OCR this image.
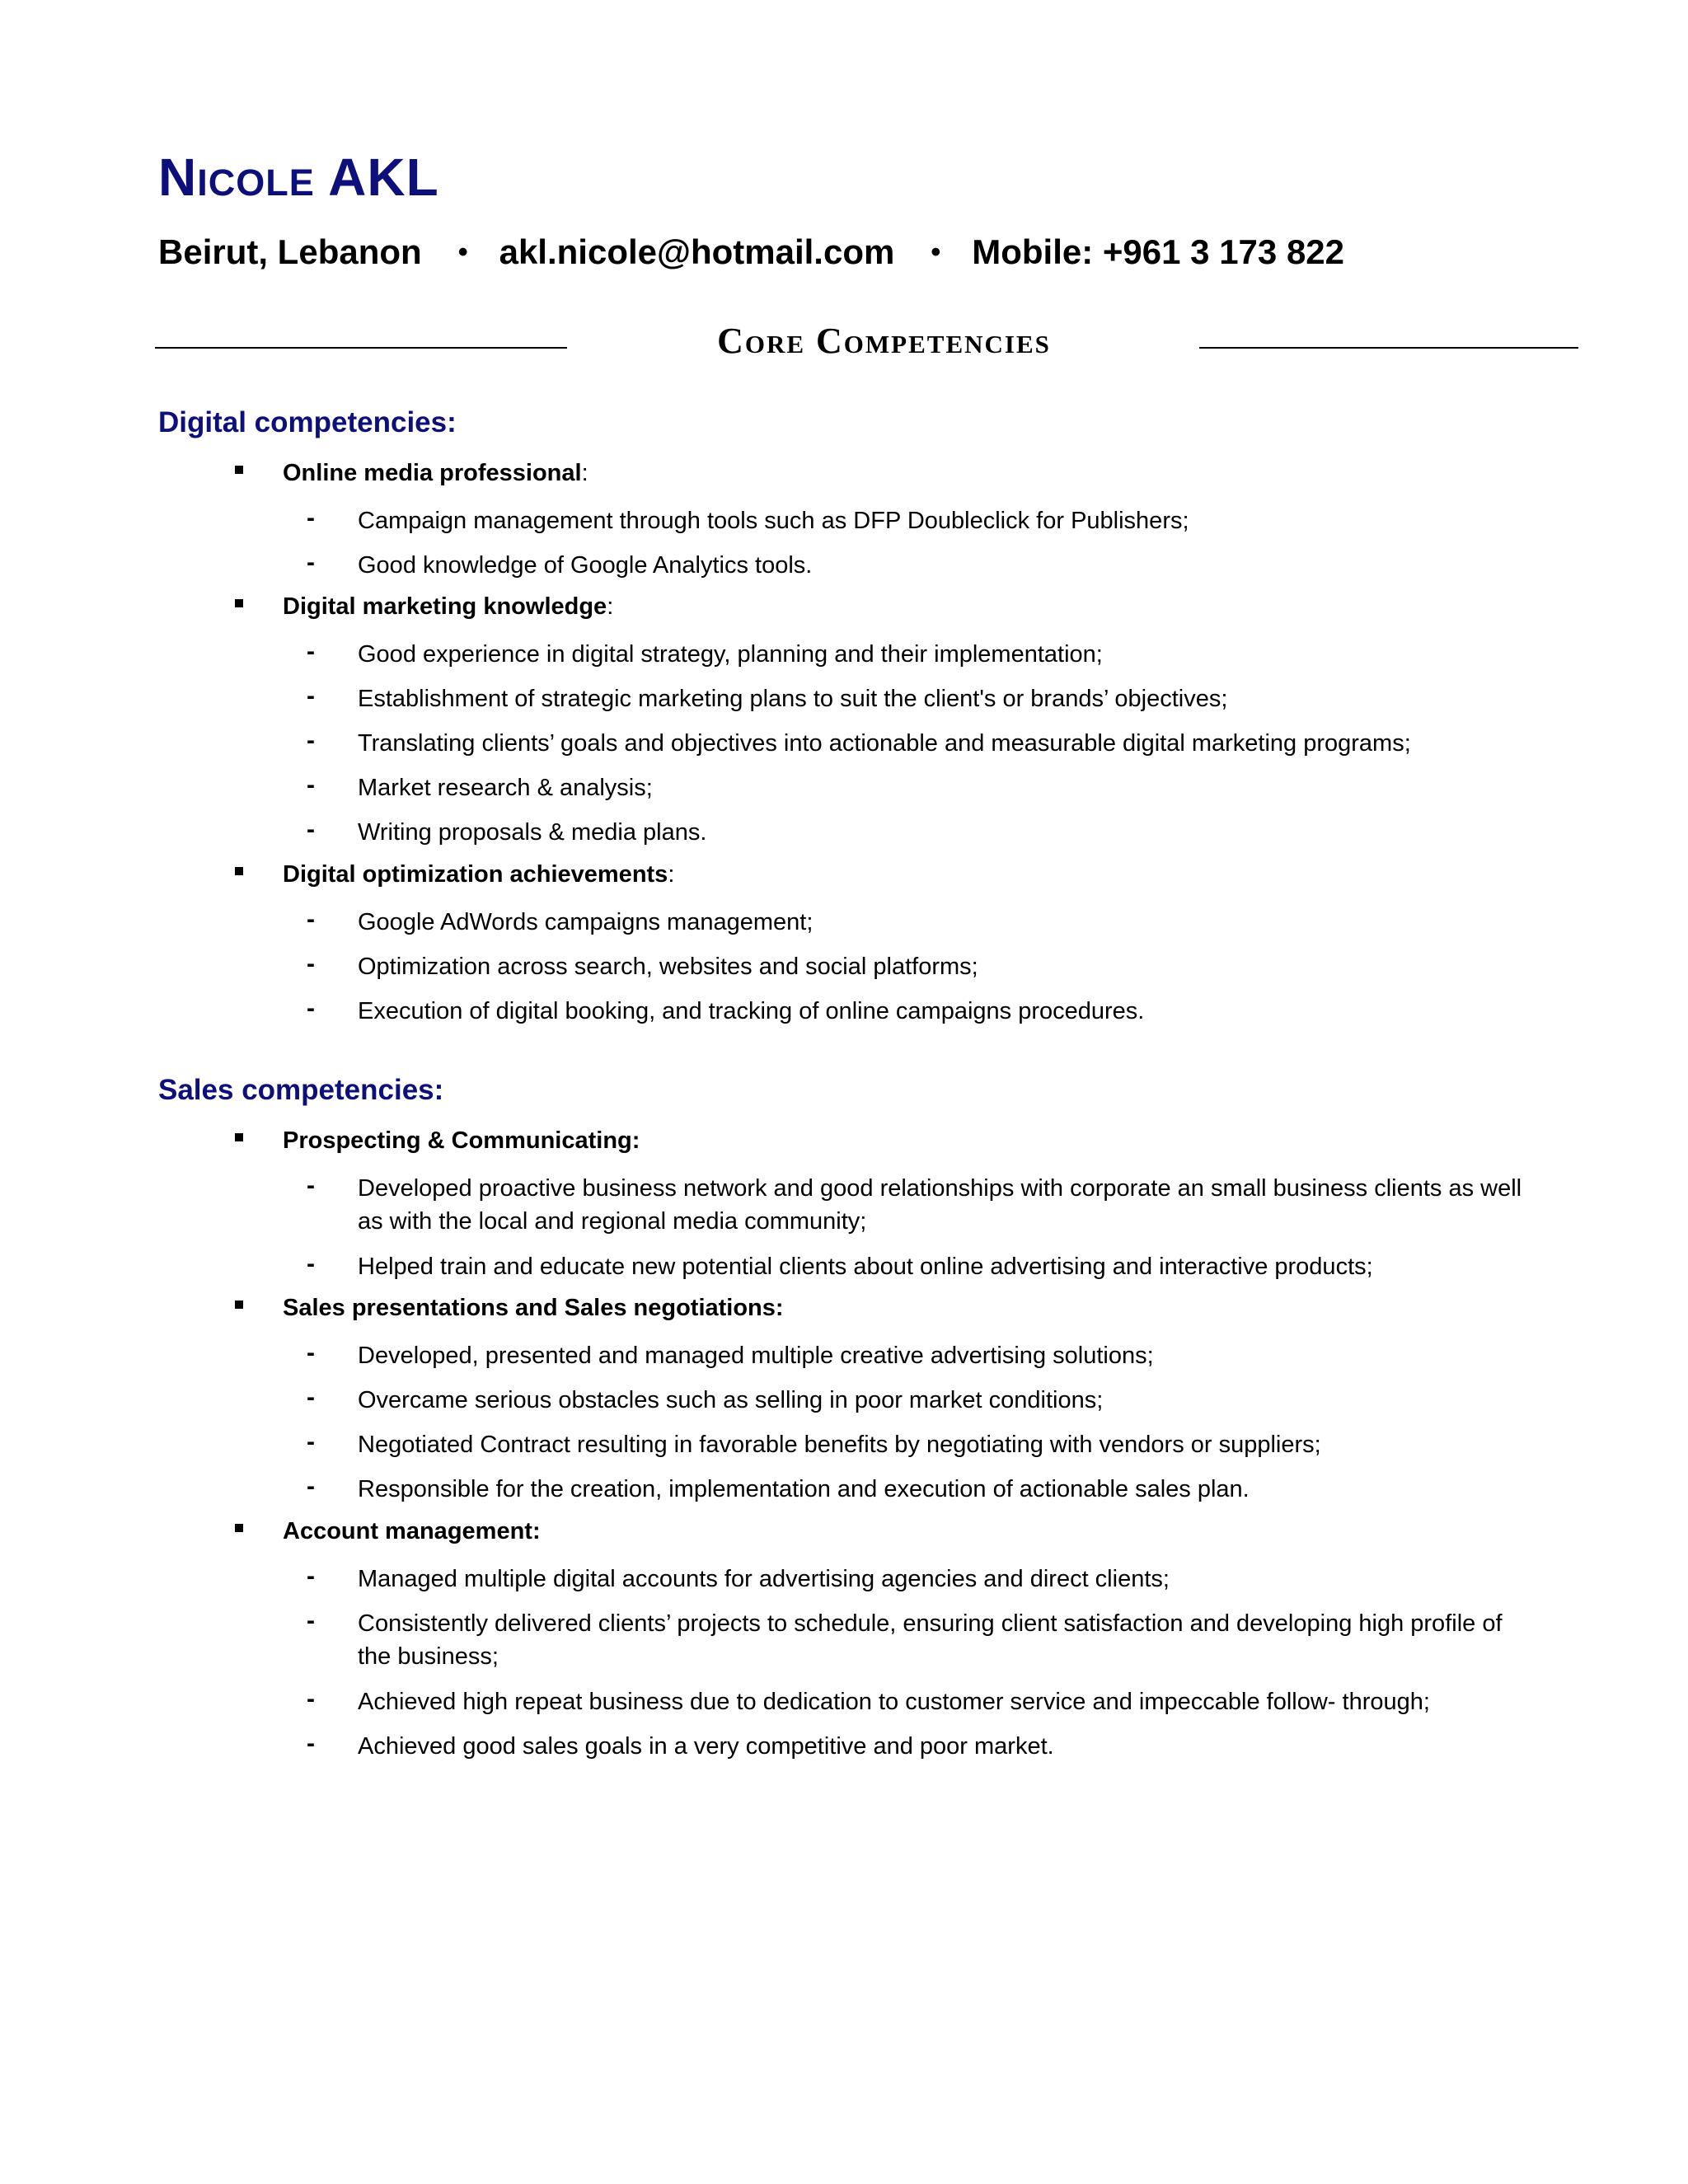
Nicole AKL
Beirut, Lebanon • akl.nicole@hotmail.com • Mobile: +961 3 173 822
Core Competencies
Digital competencies:
Online media professional:
- Campaign management through tools such as DFP Doubleclick for Publishers;
- Good knowledge of Google Analytics tools.
Digital marketing knowledge:
- Good experience in digital strategy, planning and their implementation;
- Establishment of strategic marketing plans to suit the client's or brands’ objectives;
- Translating clients’ goals and objectives into actionable and measurable digital marketing programs;
- Market research & analysis;
- Writing proposals & media plans.
Digital optimization achievements:
- Google AdWords campaigns management;
- Optimization across search, websites and social platforms;
- Execution of digital booking, and tracking of online campaigns procedures.
Sales competencies:
Prospecting & Communicating:
- Developed proactive business network and good relationships with corporate an small business clients as well as with the local and regional media community;
- Helped train and educate new potential clients about online advertising and interactive products;
Sales presentations and Sales negotiations:
- Developed, presented and managed multiple creative advertising solutions;
- Overcame serious obstacles such as selling in poor market conditions;
- Negotiated Contract resulting in favorable benefits by negotiating with vendors or suppliers;
- Responsible for the creation, implementation and execution of actionable sales plan.
Account management:
- Managed multiple digital accounts for advertising agencies and direct clients;
- Consistently delivered clients’ projects to schedule, ensuring client satisfaction and developing high profile of the business;
- Achieved high repeat business due to dedication to customer service and impeccable follow- through;
- Achieved good sales goals in a very competitive and poor market.
